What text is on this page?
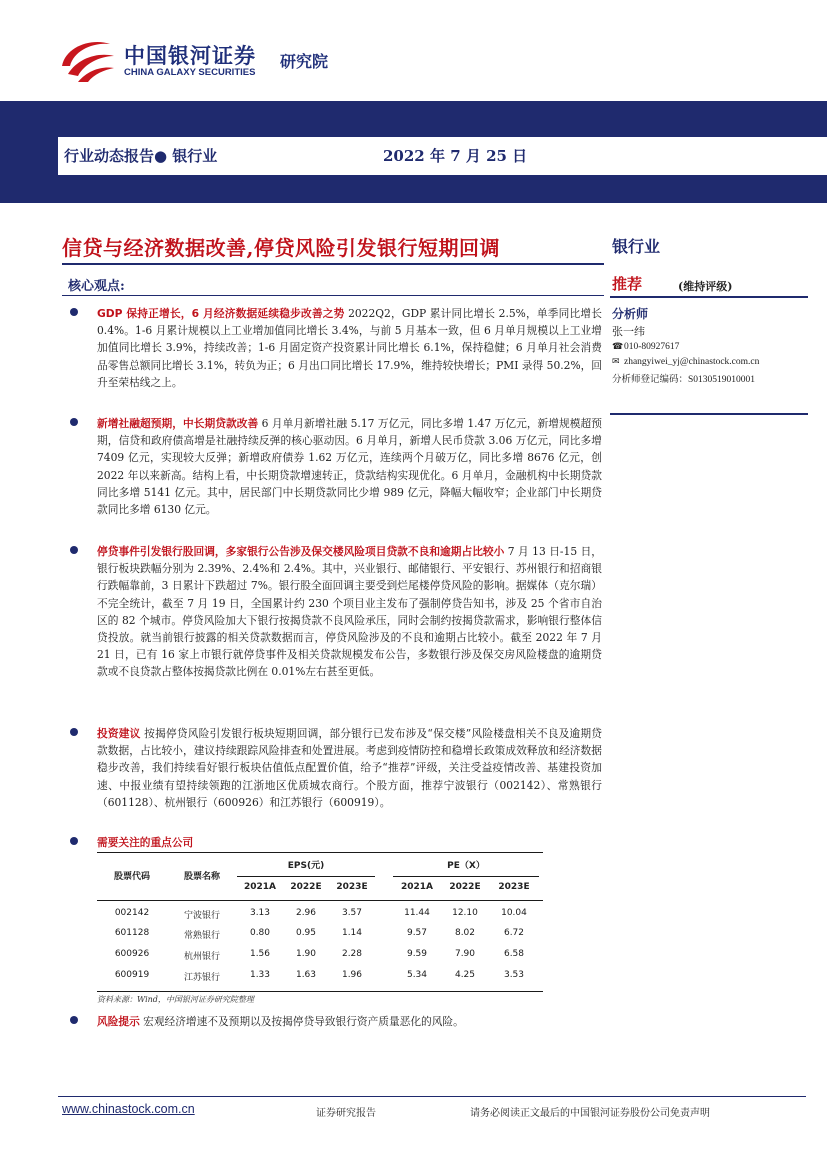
中国银河证券
CHINA GALAXY SECURITIES
研究院
行业动态报告● 银行业	2022 年 7 月 25 日
信贷与经济数据改善,停贷风险引发银行短期回调	银行业
核心观点:
GDP 保持正增长，6 月经济数据延续稳步改善之势 2022Q2，GDP 累计同比增长 2.5%，单季同比增长 0.4%。1-6 月累计规模以上工业增加值同比增长 3.4%，与前 5 月基本一致，但 6 月单月规模以上工业增加值同比增长 3.9%，持续改善；1-6 月固定资产投资累计同比增长 6.1%，保持稳健；6 月单月社会消费品零售总额同比增长 3.1%，转负为正；6 月出口同比增长 17.9%，维持较快增长；PMI 录得 50.2%，回升至荣枯线之上。
新增社融超预期，中长期贷款改善 6 月单月新增社融 5.17 万亿元，同比多增 1.47 万亿元，新增规模超预期，信贷和政府债高增是社融持续反弹的核心驱动因。6 月单月，新增人民币贷款 3.06 万亿元，同比多增 7409 亿元，实现较大反弹；新增政府债券 1.62 万亿元，连续两个月破万亿，同比多增 8676 亿元，创 2022 年以来新高。结构上看，中长期贷款增速转正，贷款结构实现优化。6 月单月，金融机构中长期贷款同比多增 5141 亿元。其中，居民部门中长期贷款同比少增 989 亿元，降幅大幅收窄；企业部门中长期贷款同比多增 6130 亿元。
停贷事件引发银行股回调，多家银行公告涉及保交楼风险项目贷款不良和逾期占比较小 7 月 13 日-15 日，银行板块跌幅分别为 2.39%、2.4%和 2.4%。其中，兴业银行、邮储银行、平安银行、苏州银行和招商银行跌幅靠前，3 日累计下跌超过 7%。银行股全面回调主要受到烂尾楼停贷风险的影响。据媒体（克尔瑞）不完全统计，截至 7 月 19 日，全国累计约 230 个项目业主发布了强制停贷告知书，涉及 25 个省市自治区的 82 个城市。停贷风险加大下银行按揭贷款不良风险承压，同时会制约按揭贷款需求，影响银行整体信贷投放。就当前银行披露的相关贷款数据而言，停贷风险涉及的不良和逾期占比较小。截至 2022 年 7 月 21 日，已有 16 家上市银行就停贷事件及相关贷款规模发布公告，多数银行涉及保交房风险楼盘的逾期贷款或不良贷款占整体按揭贷款比例在 0.01%左右甚至更低。
投资建议 按揭停贷风险引发银行板块短期回调，部分银行已发布涉及“保交楼”风险楼盘相关不良及逾期贷款数据，占比较小，建议持续跟踪风险排查和处置进展。考虑到疫情防控和稳增长政策成效释放和经济数据稳步改善，我们持续看好银行板块估值低点配置价值，给予“推荐”评级，关注受益疫情改善、基建投资加速、中报业绩有望持续领跑的江浙地区优质城农商行。个股方面，推荐宁波银行（002142）、常熟银行（601128）、杭州银行（600926）和江苏银行（600919）。
需要关注的重点公司
股票代码	股票名称
EPS(元)	PE（X）
2021A	2022E	2023E	2021A	2022E	2023E
002142	宁波银行	3.13	2.96	3.57	11.44	12.10	10.04
601128	常熟银行	0.80	0.95	1.14	9.57	8.02	6.72
600926	杭州银行	1.56	1.90	2.28	9.59	7.90	6.58
600919	江苏银行	1.33	1.63	1.96	5.34	4.25	3.53
资料来源：Wind，中国银河证券研究院整理
风险提示 宏观经济增速不及预期以及按揭停贷导致银行资产质量恶化的风险。
推荐	(维持评级)
分析师
张一纬
☎010-80927617
✉ zhangyiwei_yj@chinastock.com.cn
分析师登记编码：S0130519010001
www.chinastock.com.cn	证券研究报告	请务必阅读正文最后的中国银河证券股份公司免责声明
